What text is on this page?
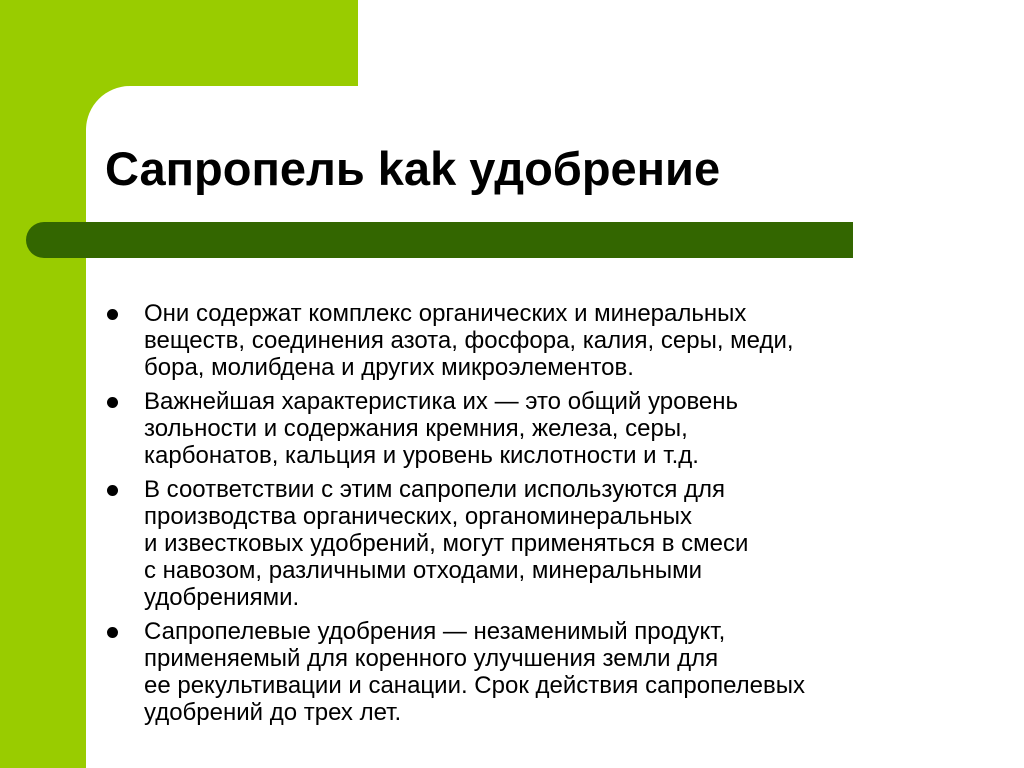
Сапропель kak удобрение
Они содержат комплекс органических и минеральных
веществ, соединения азота, фосфора, калия, серы, меди,
бора, молибдена и других микроэлементов.
Важнейшая характеристика их — это общий уровень
зольности и содержания кремния, железа, серы,
карбонатов, кальция и уровень кислотности и т.д.
В соответствии с этим сапропели используются для
производства органических, органоминеральных
и известковых удобрений, могут применяться в смеси
с навозом, различными отходами, минеральными
удобрениями.
Сапропелевые удобрения — незаменимый продукт,
применяемый для коренного улучшения земли для
ее рекультивации и санации. Срок действия сапропелевых
удобрений до трех лет.
